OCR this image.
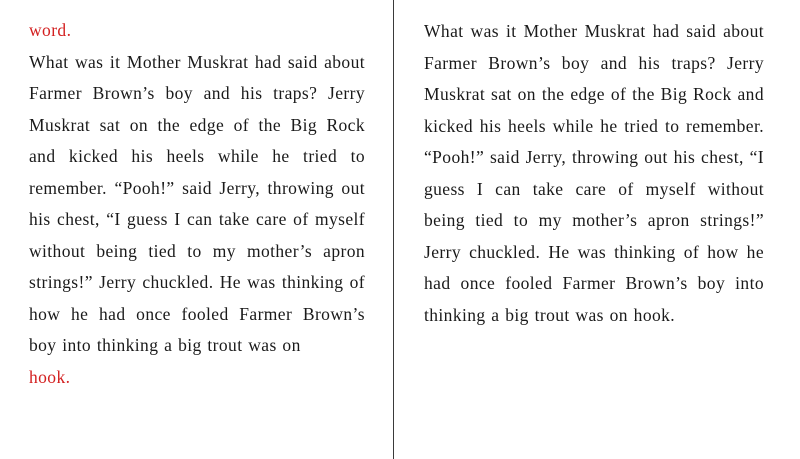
word.

What was it Mother Muskrat had said about Farmer Brown’s boy and his traps? Jerry Muskrat sat on the edge of the Big Rock and kicked his heels while he tried to remember. “Pooh!” said Jerry, throwing out his chest, “I guess I can take care of myself without being tied to my mother’s apron strings!” Jerry chuckled. He was thinking of how he had once fooled Farmer Brown’s boy into thinking a big trout was on

hook.

What was it Mother Muskrat had said about Farmer Brown’s boy and his traps? Jerry Muskrat sat on the edge of the Big Rock and kicked his heels while he tried to remember. “Pooh!” said Jerry, throwing out his chest, “I guess I can take care of myself without being tied to my mother’s apron strings!” Jerry chuckled. He was thinking of how he had once fooled Farmer Brown’s boy into thinking a big trout was on hook.
